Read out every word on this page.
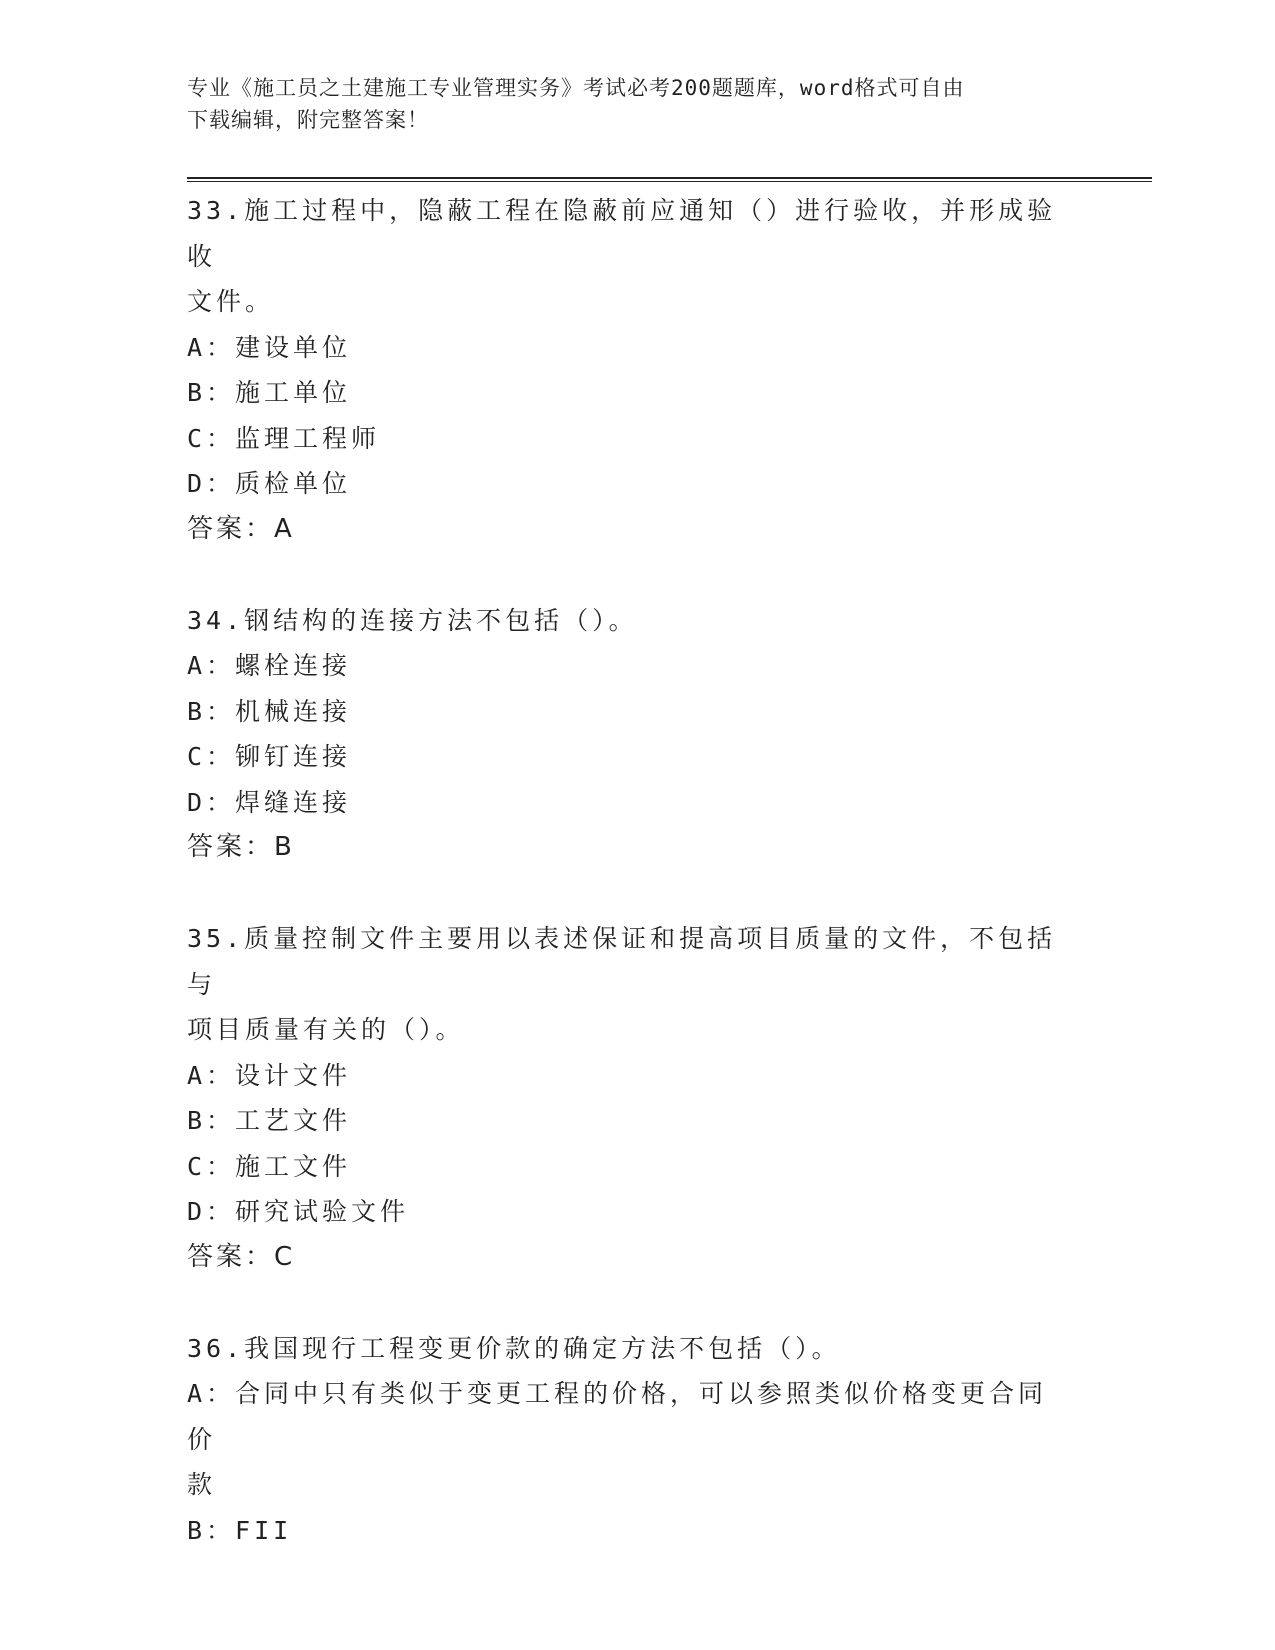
专业《施工员之土建施工专业管理实务》考试必考200题题库，word格式可自由
下载编辑，附完整答案！
33.施工过程中，隐蔽工程在隐蔽前应通知（）进行验收，并形成验收
文件。
A：建设单位
B：施工单位
C：监理工程师
D：质检单位
答案：A
34.钢结构的连接方法不包括（）。
A：螺栓连接
B：机械连接
C：铆钉连接
D：焊缝连接
答案：B
35.质量控制文件主要用以表述保证和提高项目质量的文件，不包括与
项目质量有关的（）。
A：设计文件
B：工艺文件
C：施工文件
D：研究试验文件
答案：C
36.我国现行工程变更价款的确定方法不包括（）。
A：合同中只有类似于变更工程的价格，可以参照类似价格变更合同价
款
B：FII
